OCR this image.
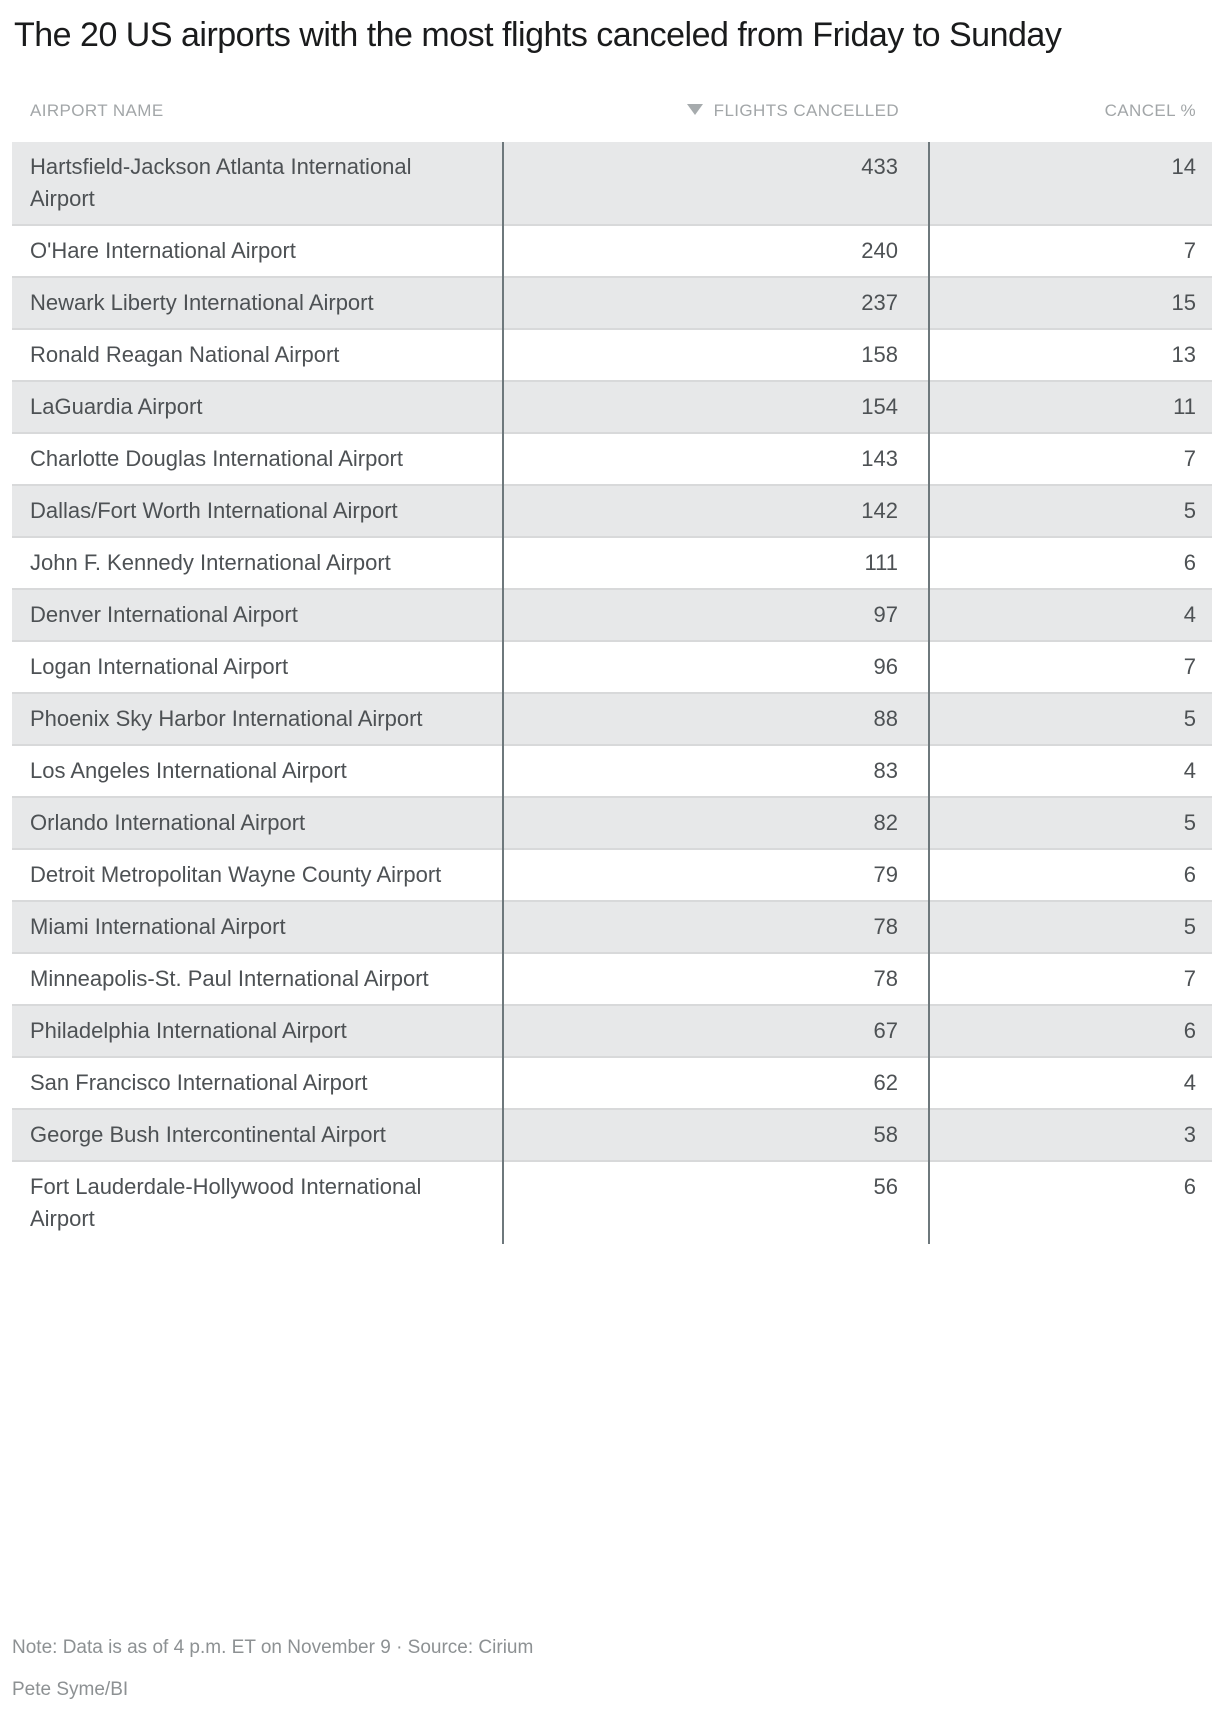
The 20 US airports with the most flights canceled from Friday to Sunday
AIRPORT NAME	FLIGHTS CANCELLED	CANCEL %
Hartsfield-Jackson Atlanta International Airport	433	14
O'Hare International Airport	240	7
Newark Liberty International Airport	237	15
Ronald Reagan National Airport	158	13
LaGuardia Airport	154	11
Charlotte Douglas International Airport	143	7
Dallas/Fort Worth International Airport	142	5
John F. Kennedy International Airport	111	6
Denver International Airport	97	4
Logan International Airport	96	7
Phoenix Sky Harbor International Airport	88	5
Los Angeles International Airport	83	4
Orlando International Airport	82	5
Detroit Metropolitan Wayne County Airport	79	6
Miami International Airport	78	5
Minneapolis-St. Paul International Airport	78	7
Philadelphia International Airport	67	6
San Francisco International Airport	62	4
George Bush Intercontinental Airport	58	3
Fort Lauderdale-Hollywood International Airport	56	6

Note: Data is as of 4 p.m. ET on November 9 · Source: Cirium

Pete Syme/BI
